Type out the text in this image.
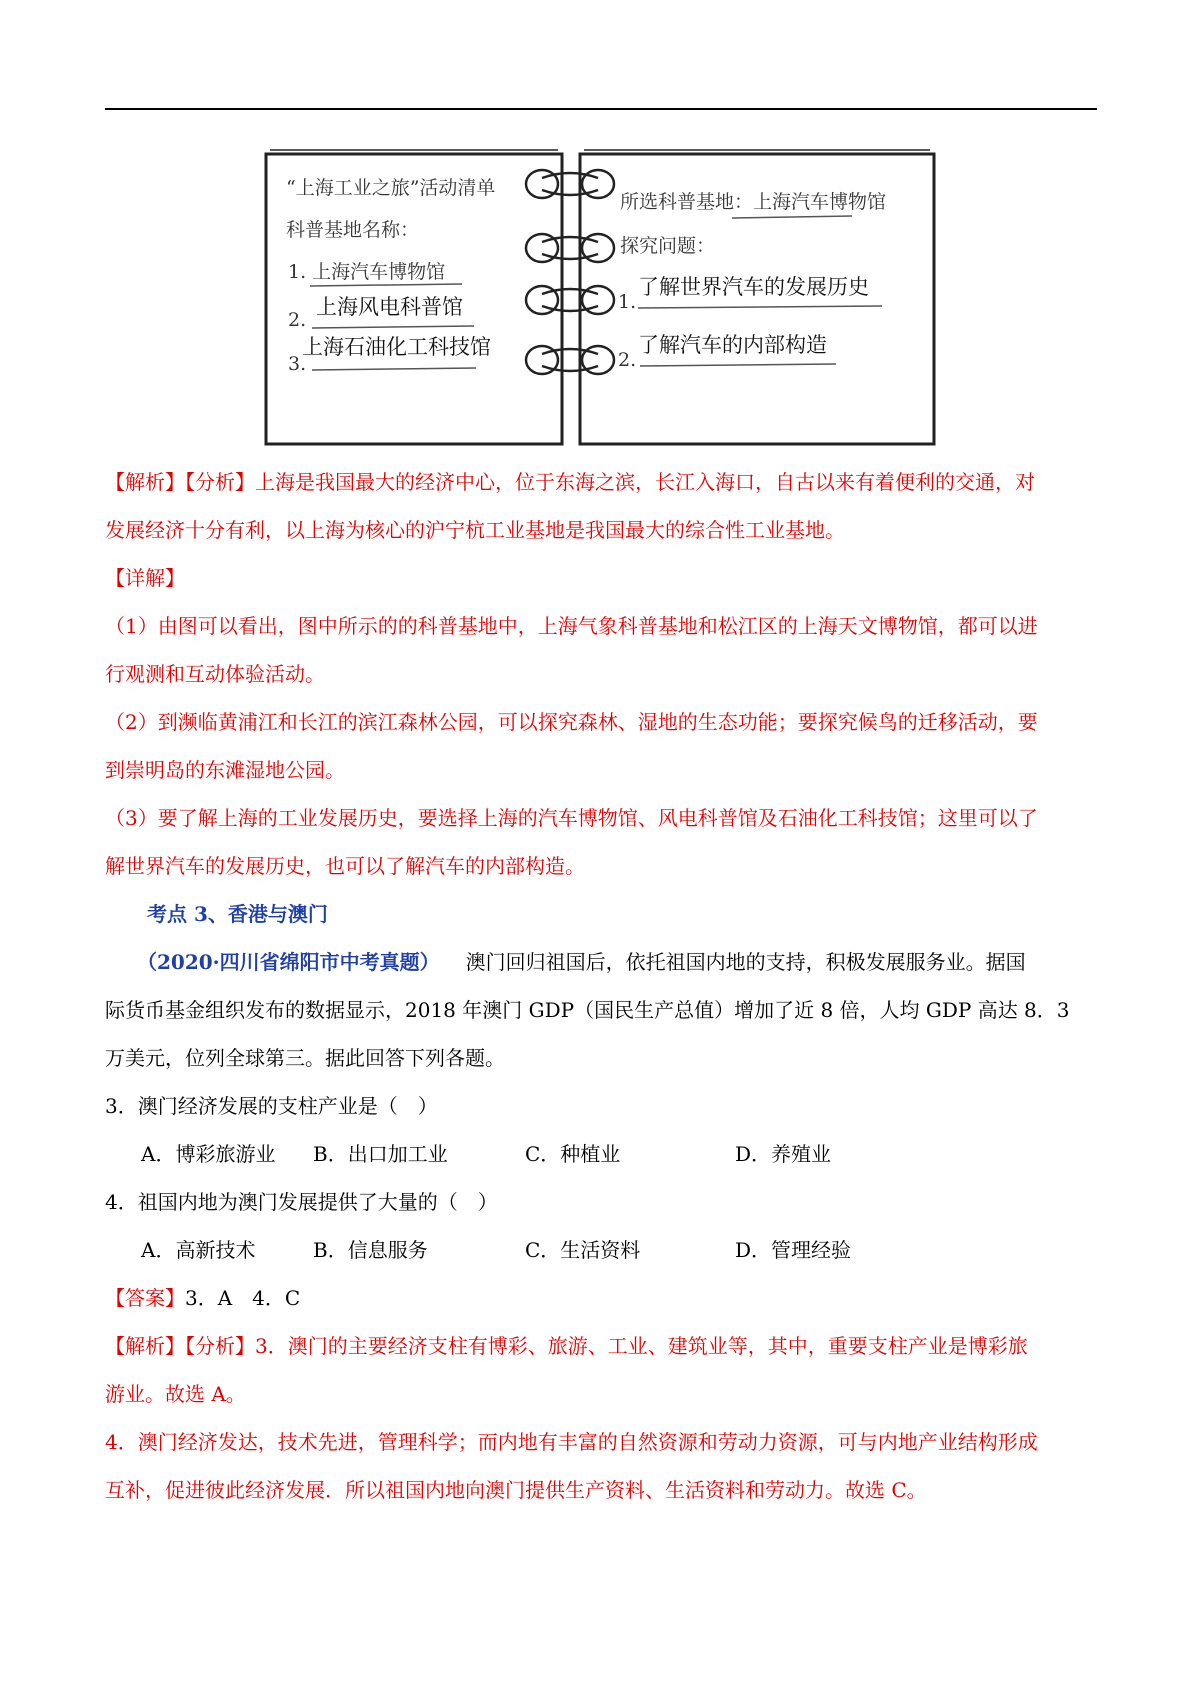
“上海工业之旅”活动清单
科普基地名称：
1. 上海汽车博物馆
2.
上海风电科普馆
3.
上海石油化工科技馆
所选科普基地：上海汽车博物馆
探究问题：
1.
了解世界汽车的发展历史
2.
了解汽车的内部构造

【解析】【分析】上海是我国最大的经济中心，位于东海之滨，长江入海口，自古以来有着便利的交通，对
发展经济十分有利，以上海为核心的沪宁杭工业基地是我国最大的综合性工业基地。

【详解】

（1）由图可以看出，图中所示的的科普基地中，上海气象科普基地和松江区的上海天文博物馆，都可以进
行观测和互动体验活动。

（2）到濒临黄浦江和长江的滨江森林公园，可以探究森林、湿地的生态功能；要探究候鸟的迁移活动，要
到崇明岛的东滩湿地公园。

（3）要了解上海的工业发展历史，要选择上海的汽车博物馆、风电科普馆及石油化工科技馆；这里可以了
解世界汽车的发展历史，也可以了解汽车的内部构造。

考点 3、香港与澳门

（2020·四川省绵阳市中考真题） 澳门回归祖国后，依托祖国内地的支持，积极发展服务业。据国
际货币基金组织发布的数据显示，2018 年澳门 GDP（国民生产总值）增加了近 8 倍，人均 GDP 高达 8．3
万美元，位列全球第三。据此回答下列各题。

3．澳门经济发展的支柱产业是（　）

A．博彩旅游业	B．出口加工业	C．种植业	D．养殖业

4．祖国内地为澳门发展提供了大量的（　）

A．高新技术	B．信息服务	C．生活资料	D．管理经验

【答案】3．A　4．C

【解析】【分析】3．澳门的主要经济支柱有博彩、旅游、工业、建筑业等，其中，重要支柱产业是博彩旅
游业。故选 A。

4．澳门经济发达，技术先进，管理科学；而内地有丰富的自然资源和劳动力资源，可与内地产业结构形成
互补，促进彼此经济发展．所以祖国内地向澳门提供生产资料、生活资料和劳动力。故选 C。
